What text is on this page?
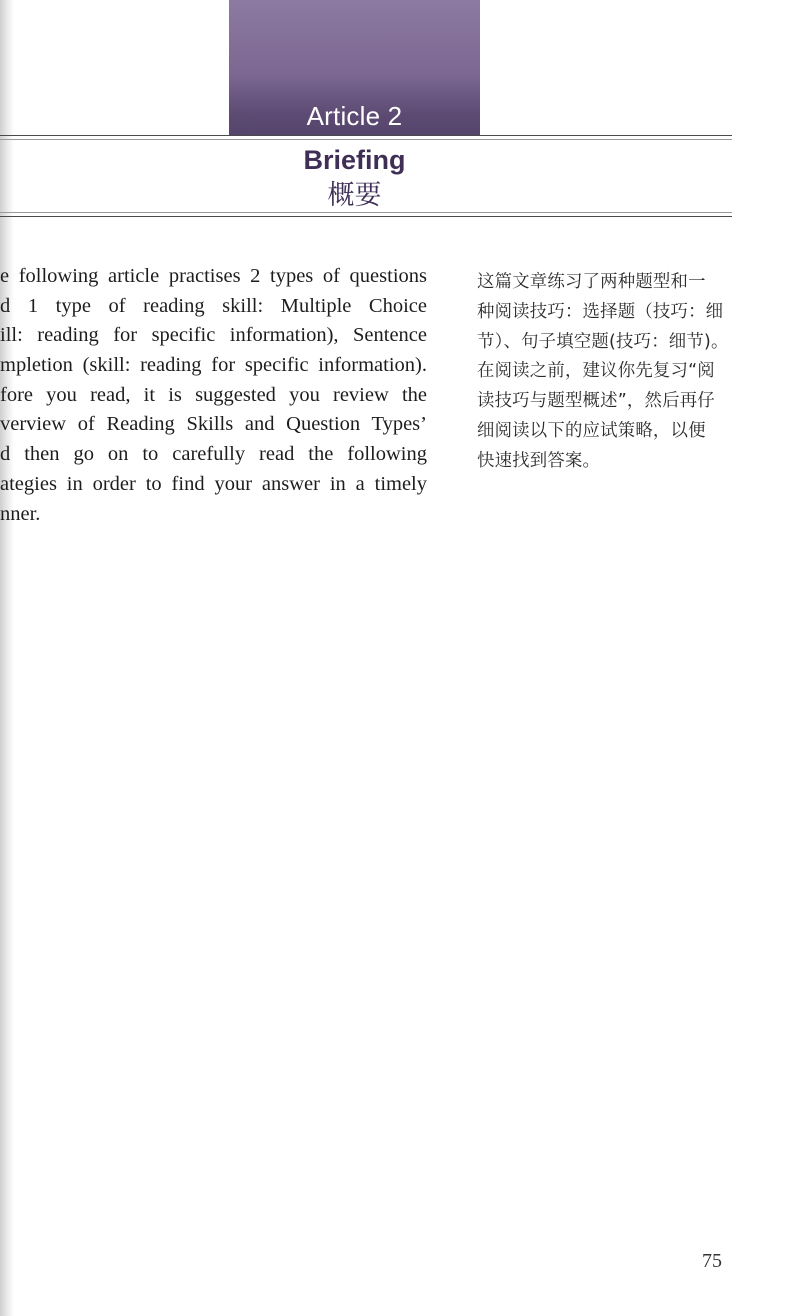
Article 2
Briefing
概要
e following article practises 2 types of questions
d 1 type of reading skill: Multiple Choice
ill: reading for specific information), Sentence
mpletion (skill: reading for specific information).
fore you read, it is suggested you review the
verview of Reading Skills and Question Types’
d then go on to carefully read the following
ategies in order to find your answer in a timely
nner.
这篇文章练习了两种题型和一
种阅读技巧：选择题（技巧：细
节）、句子填空题(技巧：细节)。
在阅读之前，建议你先复习“阅
读技巧与题型概述”，然后再仔
细阅读以下的应试策略，以便
快速找到答案。
75
